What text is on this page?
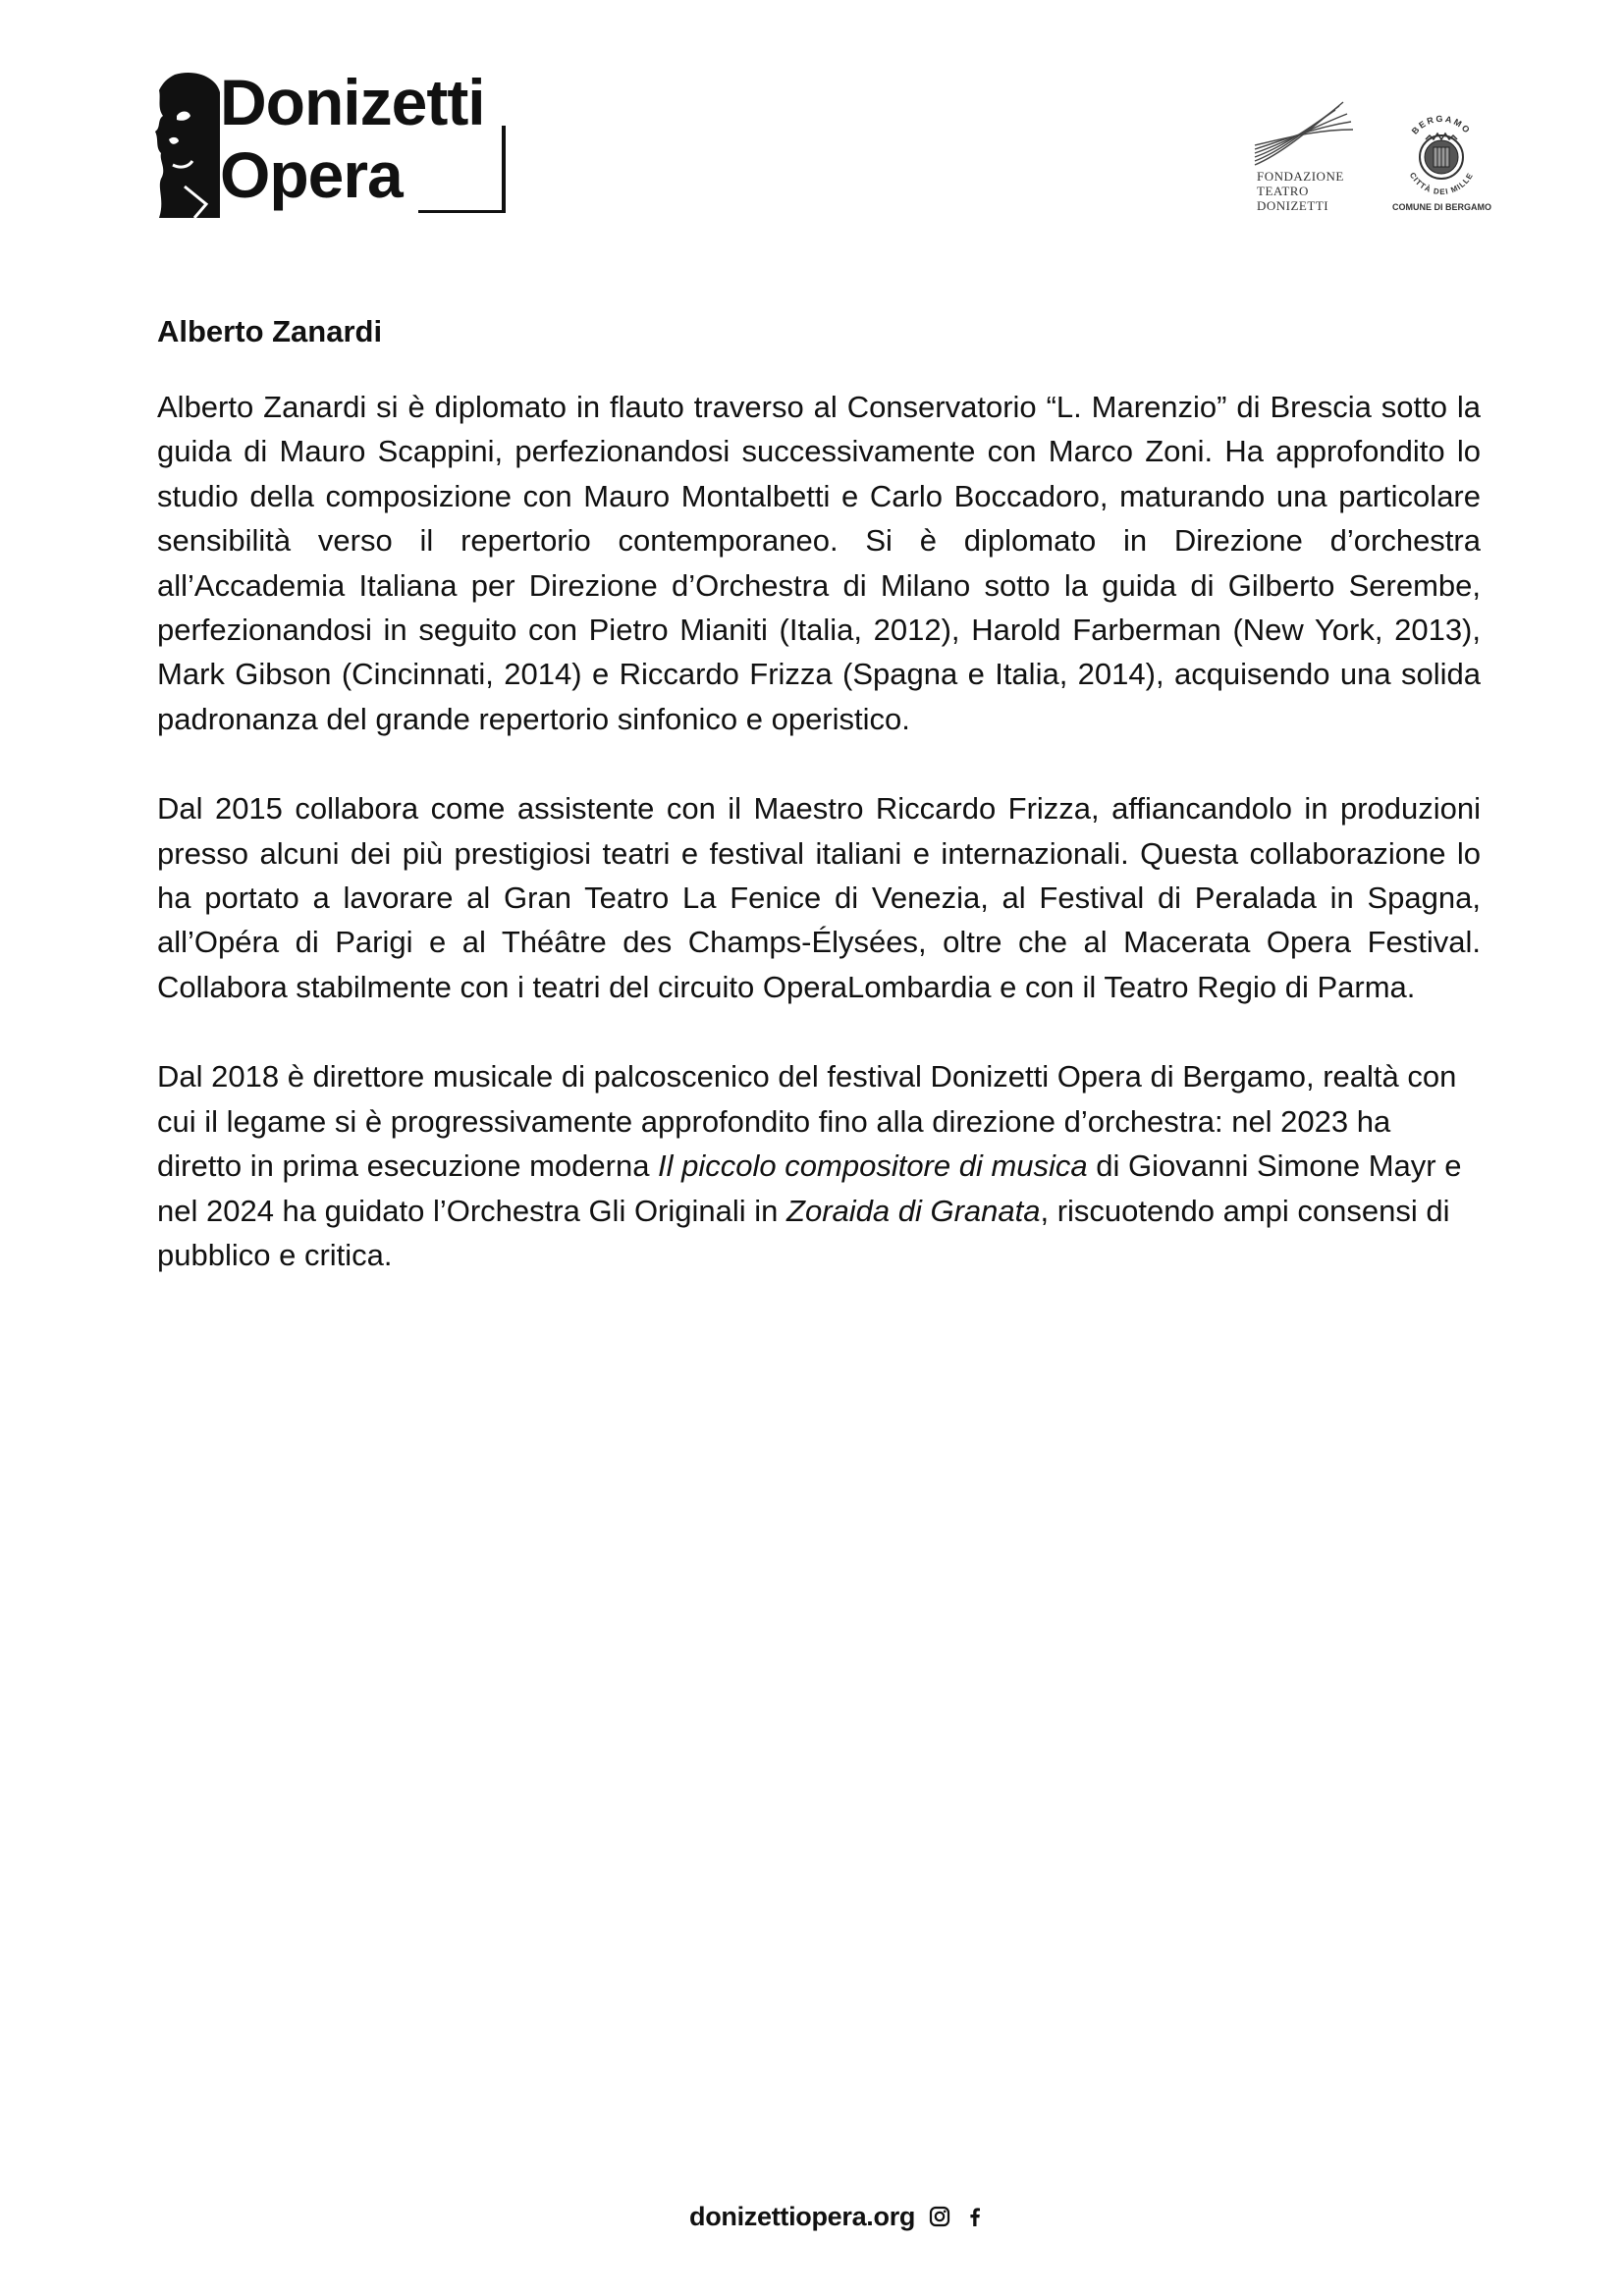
Donizetti
Opera	FONDAZIONE
TEATRO
DONIZETTI
BERGAMO
CITTÀ DEI MILLE
COMUNE DI BERGAMO
Alberto Zanardi

Alberto Zanardi si è diplomato in flauto traverso al Conservatorio “L. Marenzio” di Brescia sotto la guida di Mauro Scappini, perfezionandosi successivamente con Marco Zoni. Ha approfondito lo studio della composizione con Mauro Montalbetti e Carlo Boccadoro, maturando una particolare sensibilità verso il repertorio contemporaneo. Si è diplomato in Direzione d’orchestra all’Accademia Italiana per Direzione d’Orchestra di Milano sotto la guida di Gilberto Serembe, perfezionandosi in seguito con Pietro Mianiti (Italia, 2012), Harold Farberman (New York, 2013), Mark Gibson (Cincinnati, 2014) e Riccardo Frizza (Spagna e Italia, 2014), acquisendo una solida padronanza del grande repertorio sinfonico e operistico.

Dal 2015 collabora come assistente con il Maestro Riccardo Frizza, affiancandolo in produzioni presso alcuni dei più prestigiosi teatri e festival italiani e internazionali. Questa collaborazione lo ha portato a lavorare al Gran Teatro La Fenice di Venezia, al Festival di Peralada in Spagna, all’Opéra di Parigi e al Théâtre des Champs-Élysées, oltre che al Macerata Opera Festival. Collabora stabilmente con i teatri del circuito OperaLombardia e con il Teatro Regio di Parma.

Dal 2018 è direttore musicale di palcoscenico del festival Donizetti Opera di Bergamo, realtà con cui il legame si è progressivamente approfondito fino alla direzione d’orchestra: nel 2023 ha diretto in prima esecuzione moderna Il piccolo compositore di musica di Giovanni Simone Mayr e nel 2024 ha guidato l’Orchestra Gli Originali in Zoraida di Granata, riscuotendo ampi consensi di pubblico e critica.

donizettiopera.org
